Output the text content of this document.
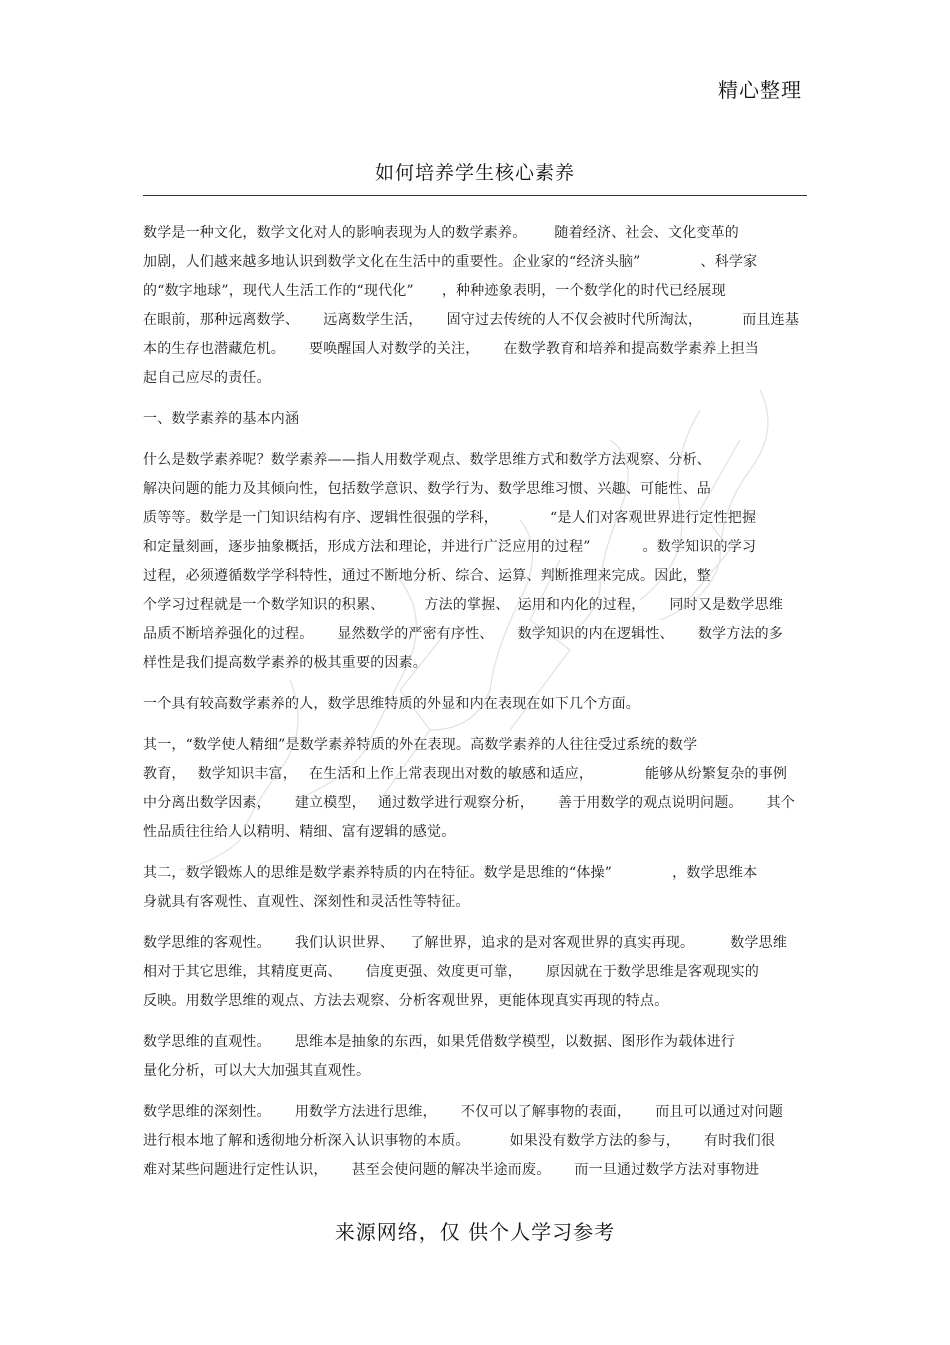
精心整理
如何培养学生核心素养
数学是一种文化，数学文化对人的影响表现为人的数学素养。 随着经济、社会、文化变革的
加剧，人们越来越多地认识到数学文化在生活中的重要性。企业家的“经济头脑”	、科学家
的“数字地球”，现代人生活工作的“现代化” ，种种迹象表明，一个数学化的时代已经展现
在眼前，那种远离数学、 远离数学生活， 固守过去传统的人不仅会被时代所淘汰，	而且连基
本的生存也潜藏危机。 要唤醒国人对数学的关注， 在数学教育和培养和提高数学素养上担当
起自己应尽的责任。
一、数学素养的基本内涵
什么是数学素养呢？数学素养——指人用数学观点、数学思维方式和数学方法观察、分析、
解决问题的能力及其倾向性，包括数学意识、数学行为、数学思维习惯、兴趣、可能性、品
质等等。数学是一门知识结构有序、逻辑性很强的学科，	“是人们对客观世界进行定性把握
和定量刻画，逐步抽象概括，形成方法和理论，并进行广泛应用的过程”	。数学知识的学习
过程，必须遵循数学学科特性，通过不断地分析、综合、运算、判断推理来完成。因此，整
个学习过程就是一个数学知识的积累、	方法的掌握、 运用和内化的过程， 同时又是数学思维
品质不断培养强化的过程。 显然数学的严密有序性、 数学知识的内在逻辑性、 数学方法的多
样性是我们提高数学素养的极其重要的因素。
一个具有较高数学素养的人，数学思维特质的外显和内在表现在如下几个方面。
其一，“数学使人精细”是数学素养特质的外在表现。高数学素养的人往往受过系统的数学
教育， 数学知识丰富， 在生活和上作上常表现出对数的敏感和适应，	能够从纷繁复杂的事例
中分离出数学因素， 建立模型， 通过数学进行观察分析， 善于用数学的观点说明问题。 其个
性品质往往给人以精明、精细、富有逻辑的感觉。
其二，数学锻炼人的思维是数学素养特质的内在特征。数学是思维的“体操”	，数学思维本
身就具有客观性、直观性、深刻性和灵活性等特征。
数学思维的客观性。 我们认识世界、 了解世界，追求的是对客观世界的真实再现。	数学思维
相对于其它思维，其精度更高、 信度更强、效度更可靠， 原因就在于数学思维是客观现实的
反映。用数学思维的观点、方法去观察、分析客观世界，更能体现真实再现的特点。
数学思维的直观性。 思维本是抽象的东西，如果凭借数学模型，以数据、图形作为载体进行
量化分析，可以大大加强其直观性。
数学思维的深刻性。 用数学方法进行思维， 不仅可以了解事物的表面， 而且可以通过对问题
进行根本地了解和透彻地分析深入认识事物的本质。	如果没有数学方法的参与， 有时我们很
难对某些问题进行定性认识， 甚至会使问题的解决半途而废。 而一旦通过数学方法对事物进
来源网络，仅 供个人学习参考
